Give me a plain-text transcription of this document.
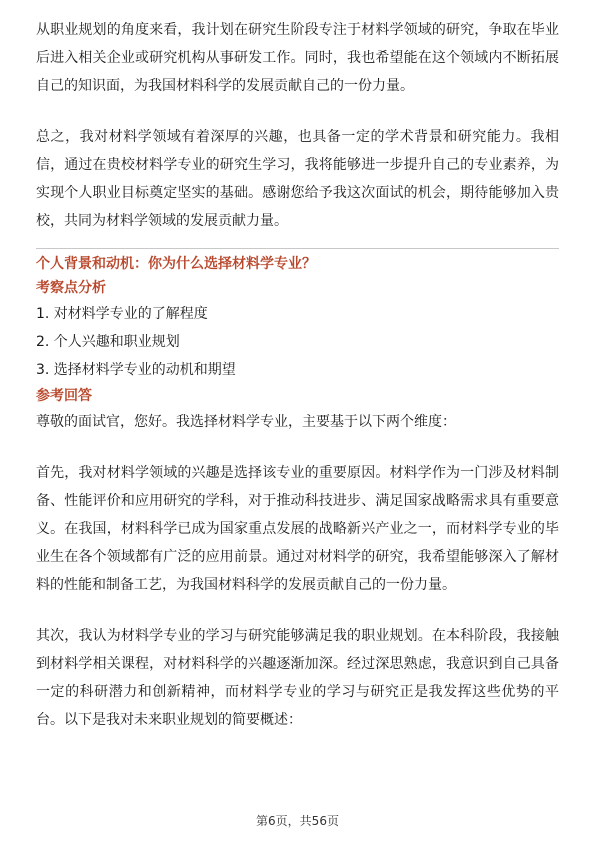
从职业规划的角度来看，我计划在研究生阶段专注于材料学领域的研究，争取在毕业后进入相关企业或研究机构从事研发工作。同时，我也希望能在这个领域内不断拓展自己的知识面，为我国材料科学的发展贡献自己的一份力量。

总之，我对材料学领域有着深厚的兴趣，也具备一定的学术背景和研究能力。我相信，通过在贵校材料学专业的研究生学习，我将能够进一步提升自己的专业素养，为实现个人职业目标奠定坚实的基础。感谢您给予我这次面试的机会，期待能够加入贵校，共同为材料学领域的发展贡献力量。

个人背景和动机：你为什么选择材料学专业？

考察点分析

1. 对材料学专业的了解程度
2. 个人兴趣和职业规划
3. 选择材料学专业的动机和期望

参考回答

尊敬的面试官，您好。我选择材料学专业，主要基于以下两个维度：

首先，我对材料学领域的兴趣是选择该专业的重要原因。材料学作为一门涉及材料制备、性能评价和应用研究的学科，对于推动科技进步、满足国家战略需求具有重要意义。在我国，材料科学已成为国家重点发展的战略新兴产业之一，而材料学专业的毕业生在各个领域都有广泛的应用前景。通过对材料学的研究，我希望能够深入了解材料的性能和制备工艺，为我国材料科学的发展贡献自己的一份力量。

其次，我认为材料学专业的学习与研究能够满足我的职业规划。在本科阶段，我接触到材料学相关课程，对材料科学的兴趣逐渐加深。经过深思熟虑，我意识到自己具备一定的科研潜力和创新精神，而材料学专业的学习与研究正是我发挥这些优势的平台。以下是我对未来职业规划的简要概述：

第6页，共56页
